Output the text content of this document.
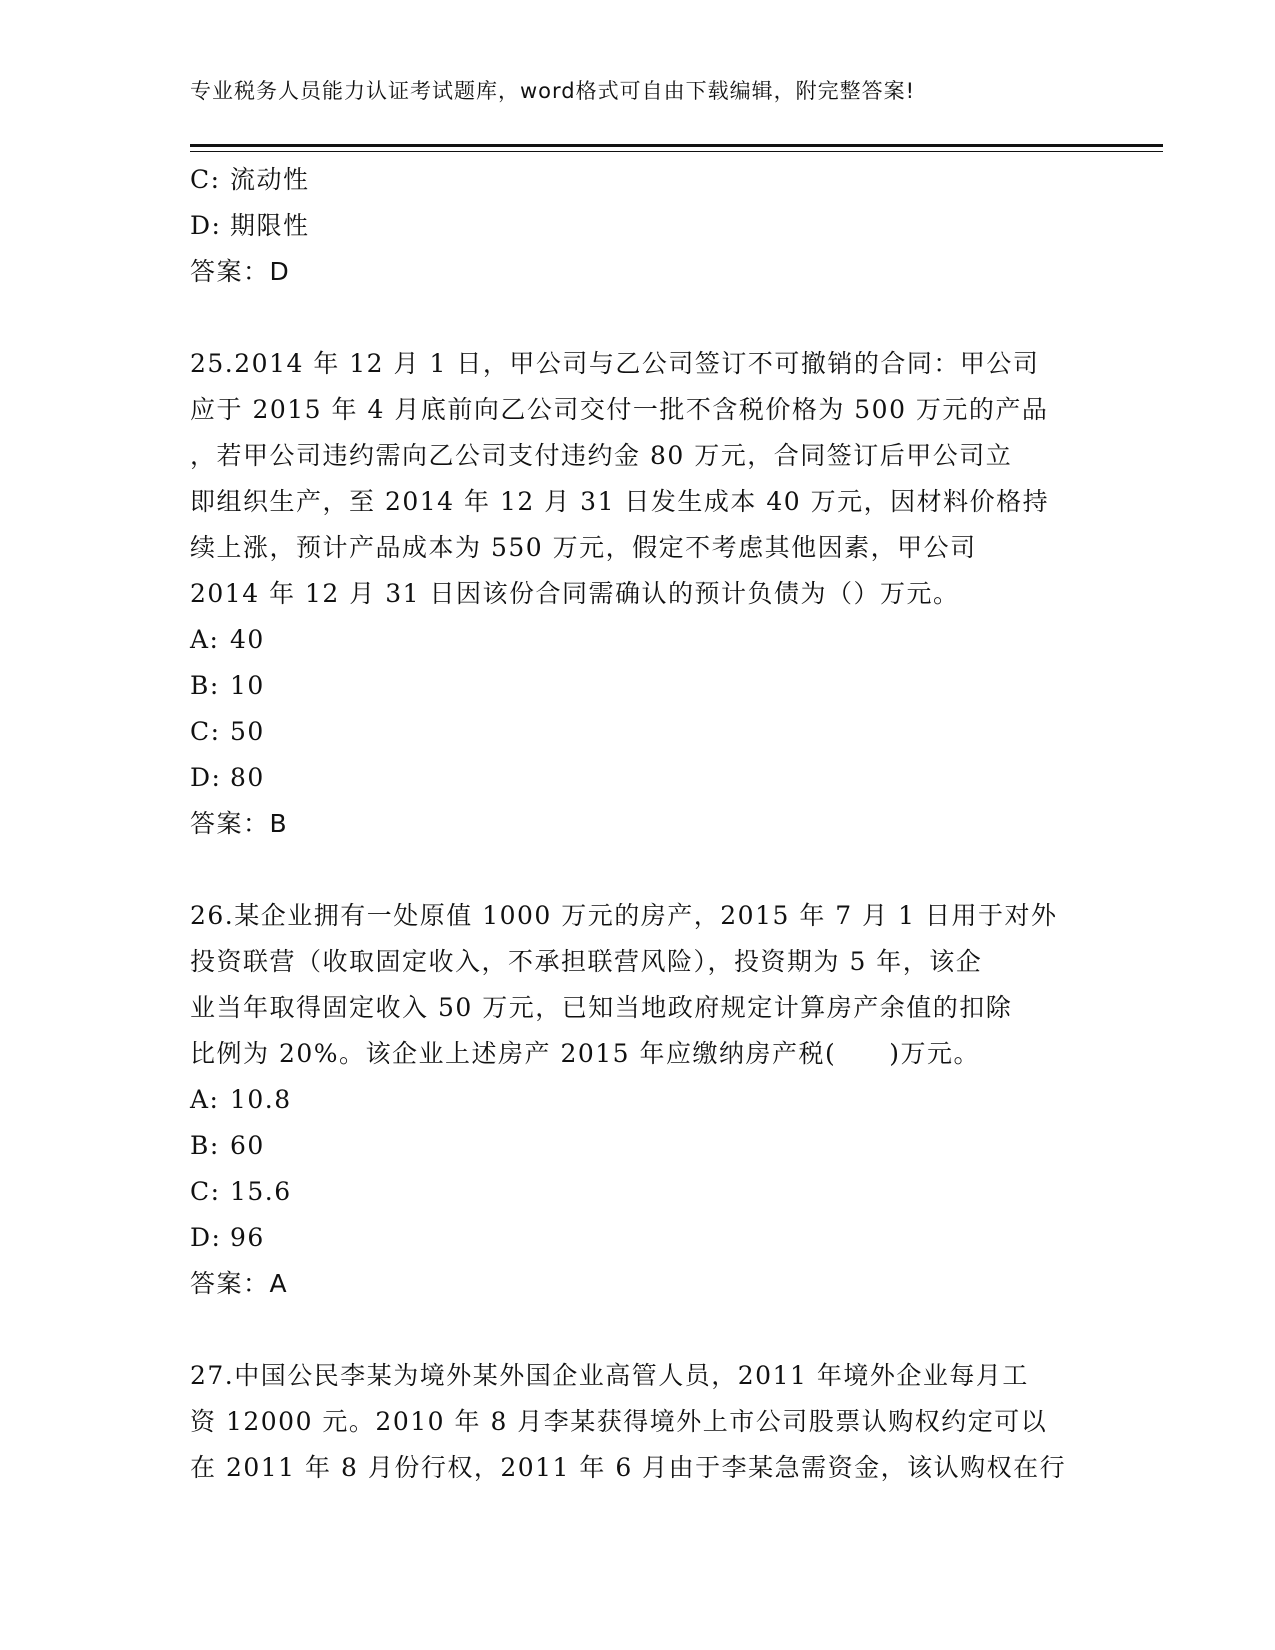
专业税务人员能力认证考试题库，word格式可自由下载编辑，附完整答案!
C: 流动性
D: 期限性
答案：D
25.2014 年 12 月 1 日，甲公司与乙公司签订不可撤销的合同：甲公司
应于 2015 年 4 月底前向乙公司交付一批不含税价格为 500 万元的产品
，若甲公司违约需向乙公司支付违约金 80 万元，合同签订后甲公司立
即组织生产，至 2014 年 12 月 31 日发生成本 40 万元，因材料价格持
续上涨，预计产品成本为 550 万元，假定不考虑其他因素，甲公司
2014 年 12 月 31 日因该份合同需确认的预计负债为（）万元。
A: 40
B: 10
C: 50
D: 80
答案：B
26.某企业拥有一处原值 1000 万元的房产，2015 年 7 月 1 日用于对外
投资联营（收取固定收入，不承担联营风险），投资期为 5 年，该企
业当年取得固定收入 50 万元，已知当地政府规定计算房产余值的扣除
比例为 20%。该企业上述房产 2015 年应缴纳房产税(　　)万元。
A: 10.8
B: 60
C: 15.6
D: 96
答案：A
27.中国公民李某为境外某外国企业高管人员，2011 年境外企业每月工
资 12000 元。2010 年 8 月李某获得境外上市公司股票认购权约定可以
在 2011 年 8 月份行权，2011 年 6 月由于李某急需资金，该认购权在行
